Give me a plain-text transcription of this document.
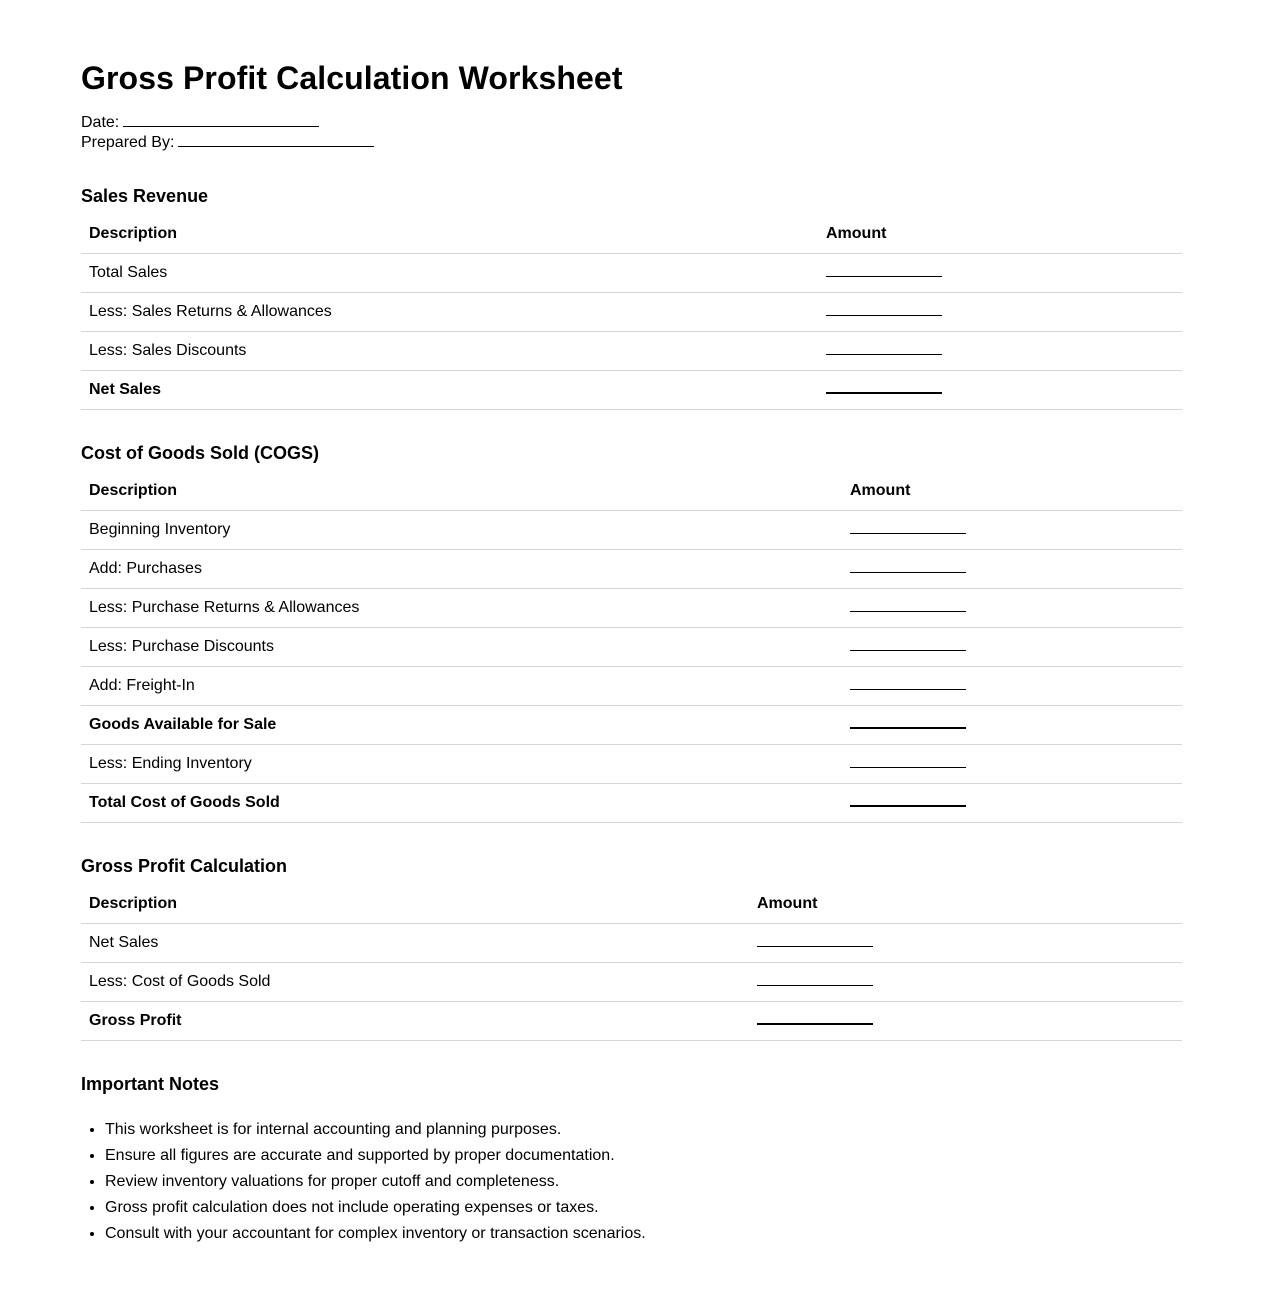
Gross Profit Calculation Worksheet
Date:
Prepared By:
Sales Revenue
Description	Amount
Total Sales	
Less: Sales Returns & Allowances	
Less: Sales Discounts	
Net Sales	
Cost of Goods Sold (COGS)
Description	Amount
Beginning Inventory	
Add: Purchases	
Less: Purchase Returns & Allowances	
Less: Purchase Discounts	
Add: Freight-In	
Goods Available for Sale	
Less: Ending Inventory	
Total Cost of Goods Sold	
Gross Profit Calculation
Description	Amount
Net Sales	
Less: Cost of Goods Sold	
Gross Profit	
Important Notes
• This worksheet is for internal accounting and planning purposes.
• Ensure all figures are accurate and supported by proper documentation.
• Review inventory valuations for proper cutoff and completeness.
• Gross profit calculation does not include operating expenses or taxes.
• Consult with your accountant for complex inventory or transaction scenarios.
